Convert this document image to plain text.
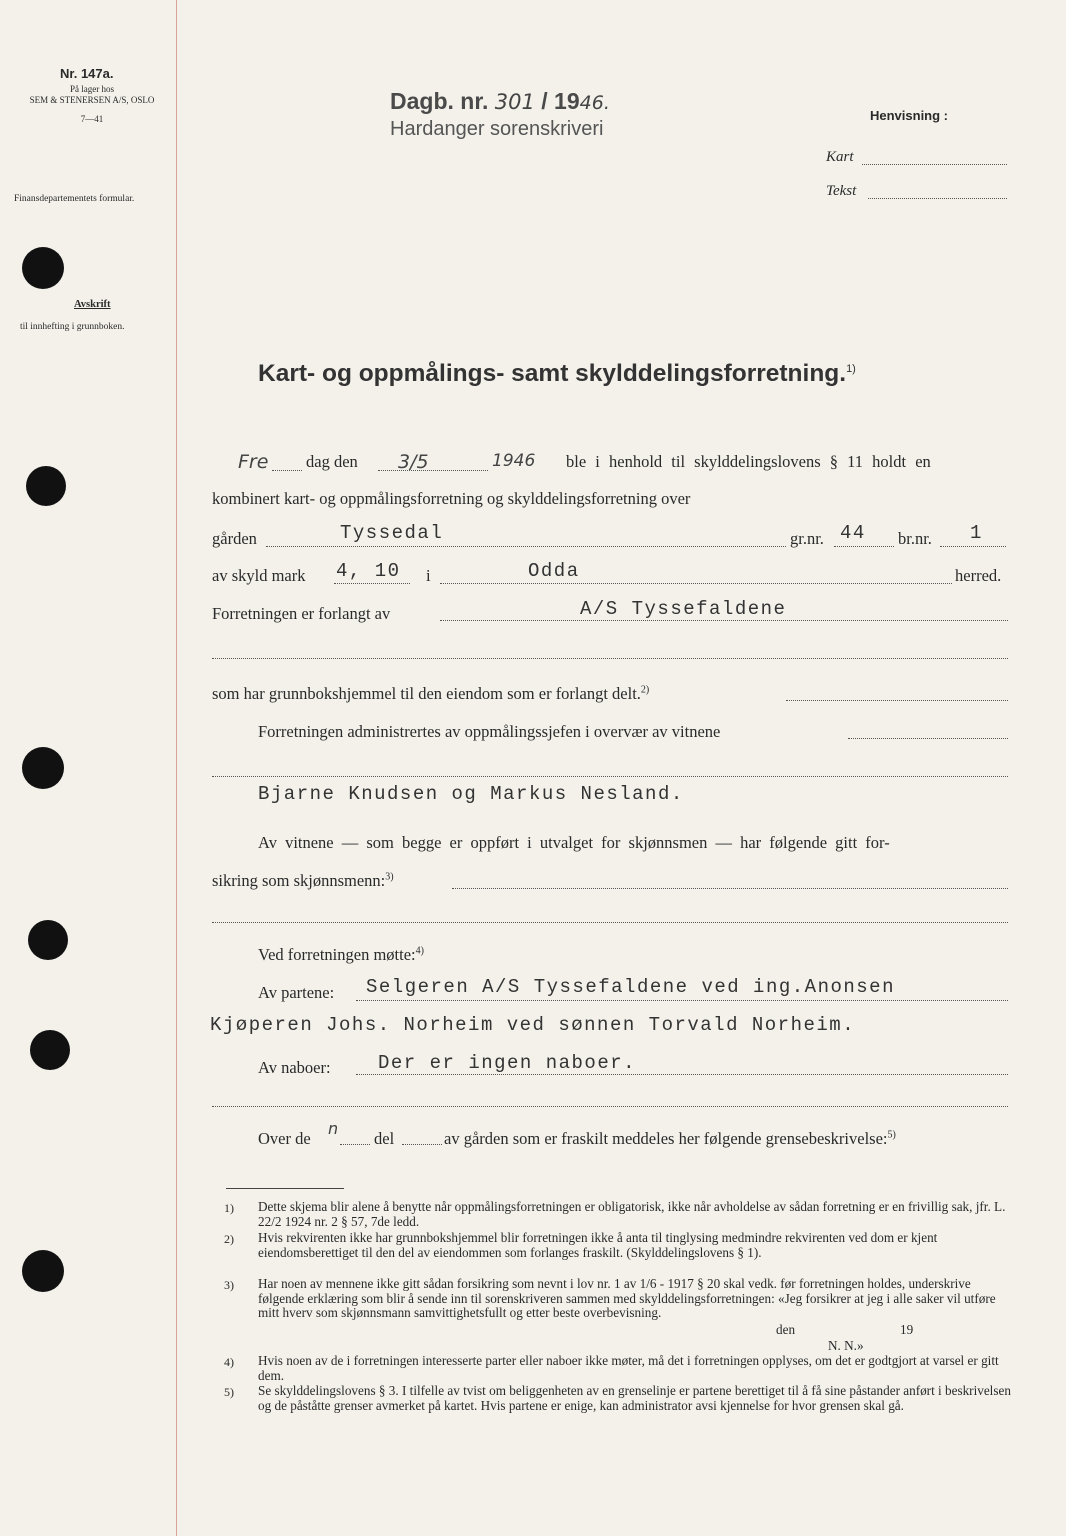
Nr. 147a.
På lager hos
SEM & STENERSEN A/S, OSLO
7—41
Finansdepartementets formular.
Avskrift
til innhefting i grunnboken.
Dagb. nr. 301 / 1946.
Hardanger sorenskriveri
Henvisning :
Kart
Tekst
Kart- og oppmålings- samt skylddelingsforretning.$^{1)}$
Fre dag den 3/5	1946 ble i henhold til skylddelingslovens § 11 holdt en
kombinert kart- og oppmålingsforretning og skylddelingsforretning over
gården	Tyssedal	gr.nr. 44 br.nr. 1
av skyld mark 4, 10 i	Odda	herred.
Forretningen er forlangt av	A/S Tyssefaldene
som har grunnbokshjemmel til den eiendom som er forlangt delt.$^{2)}$
Forretningen administrertes av oppmålingssjefen i overvær av vitnene
Bjarne Knudsen og Markus Nesland.
Av vitnene — som begge er oppført i utvalget for skjønnsmen — har følgende gitt for-
sikring som skjønnsmenn:$^{3)}$
Ved forretningen møtte:$^{4)}$
Av partene: Selgeren A/S Tyssefaldene ved ing.Anonsen
Kjøperen Johs. Norheim ved sønnen Torvald Norheim.
Av naboer: Der er ingen naboer.
Over de
n
del	av gården som er fraskilt meddeles her følgende grensebeskrivelse:$^{5)}$
1) Dette skjema blir alene å benytte når oppmålingsforretningen er obligatorisk, ikke når avholdelse av sådan forretning er en frivillig sak, jfr. L. 22/2 1924 nr. 2 § 57, 7de ledd.
2) Hvis rekvirenten ikke har grunnbokshjemmel blir forretningen ikke å anta til tinglysing medmindre rekvirenten ved dom er kjent eiendomsberettiget til den del av eiendommen som forlanges fraskilt. (Skylddelingslovens § 1).
3) Har noen av mennene ikke gitt sådan forsikring som nevnt i lov nr. 1 av 1/6 - 1917 § 20 skal vedk. før forretningen holdes, underskrive følgende erklæring som blir å sende inn til sorenskriveren sammen med skylddelingsforretningen: «Jeg forsikrer at jeg i alle saker vil utføre mitt hverv som skjønnsmann samvittighetsfullt og etter beste overbevisning.
den	19
N. N.»
4) Hvis noen av de i forretningen interesserte parter eller naboer ikke møter, må det i forretningen opplyses, om det er godtgjort at varsel er gitt dem.
5) Se skylddelingslovens § 3. I tilfelle av tvist om beliggenheten av en grenselinje er partene berettiget til å få sine påstander anført i beskrivelsen og de påståtte grenser avmerket på kartet. Hvis partene er enige, kan administrator avsi kjennelse for hvor grensen skal gå.
